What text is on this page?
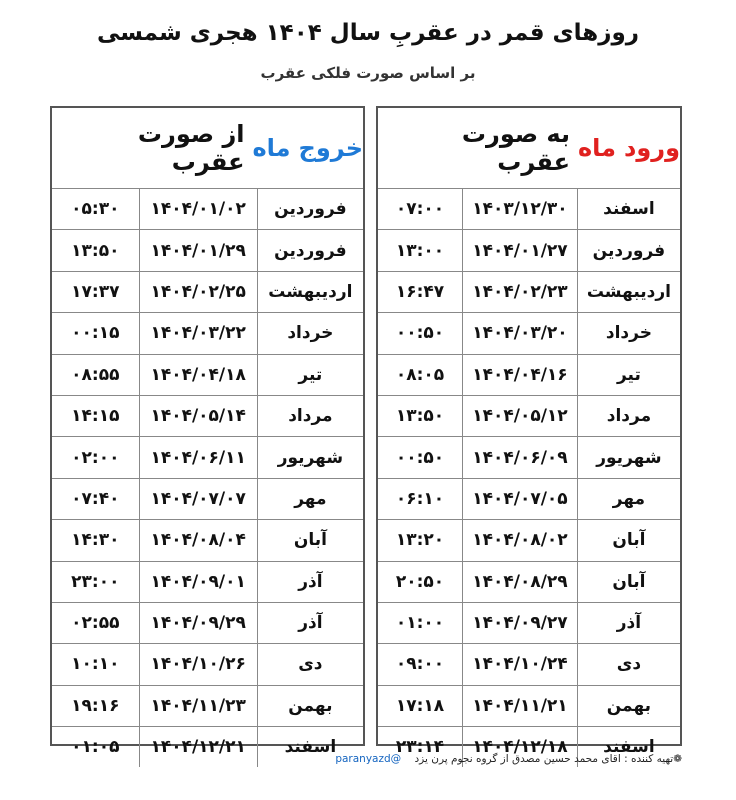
روزهای قمر در عقربِ سال ۱۴۰۴ هجری شمسی
بر اساس صورت فلکی عقرب
خروج
ماه
از صورت عقرب
فروردین	۱۴۰۴/۰۱/۰۲	۰۵:۳۰
فروردین	۱۴۰۴/۰۱/۲۹	۱۳:۵۰
اردیبهشت	۱۴۰۴/۰۲/۲۵	۱۷:۳۷
خرداد	۱۴۰۴/۰۳/۲۲	۰۰:۱۵
تیر	۱۴۰۴/۰۴/۱۸	۰۸:۵۵
مرداد	۱۴۰۴/۰۵/۱۴	۱۴:۱۵
شهریور	۱۴۰۴/۰۶/۱۱	۰۲:۰۰
مهر	۱۴۰۴/۰۷/۰۷	۰۷:۴۰
آبان	۱۴۰۴/۰۸/۰۴	۱۴:۳۰
آذر	۱۴۰۴/۰۹/۰۱	۲۳:۰۰
آذر	۱۴۰۴/۰۹/۲۹	۰۲:۵۵
دی	۱۴۰۴/۱۰/۲۶	۱۰:۱۰
بهمن	۱۴۰۴/۱۱/۲۳	۱۹:۱۶
اسفند	۱۴۰۴/۱۲/۲۱	۰۱:۰۵
ورود
ماه
به صورت عقرب
اسفند	۱۴۰۳/۱۲/۳۰	۰۷:۰۰
فروردین	۱۴۰۴/۰۱/۲۷	۱۳:۰۰
اردیبهشت	۱۴۰۴/۰۲/۲۳	۱۶:۴۷
خرداد	۱۴۰۴/۰۳/۲۰	۰۰:۵۰
تیر	۱۴۰۴/۰۴/۱۶	۰۸:۰۵
مرداد	۱۴۰۴/۰۵/۱۲	۱۳:۵۰
شهریور	۱۴۰۴/۰۶/۰۹	۰۰:۵۰
مهر	۱۴۰۴/۰۷/۰۵	۰۶:۱۰
آبان	۱۴۰۴/۰۸/۰۲	۱۳:۲۰
آبان	۱۴۰۴/۰۸/۲۹	۲۰:۵۰
آذر	۱۴۰۴/۰۹/۲۷	۰۱:۰۰
دی	۱۴۰۴/۱۰/۲۴	۰۹:۰۰
بهمن	۱۴۰۴/۱۱/۲۱	۱۷:۱۸
اسفند	۱۴۰۴/۱۲/۱۸	۲۳:۱۴
❁تهیه کننده : اقای محمد حسین مصدق از گروه نجوم پرن یزد @paranyazd
